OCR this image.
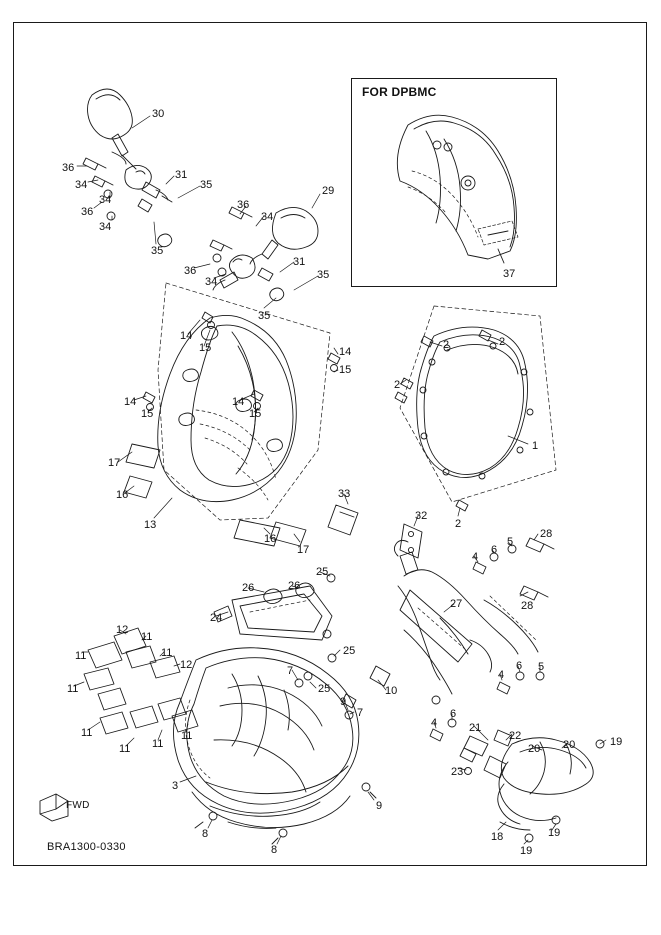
FOR DPBMC
FWD
BRA1300-0330
30
36
34
36
34
34
31
35
35
36
34
36
34
31
35
35
29
14
15	14
15
14
15
14
15
17
16
13
16
17
2	2
2
1
2
33
32
28
28
4
6
5
27
4
6 5
4
6
25
26	26
24
25
25
7
7
9
10
12
11
11	11
12
11
11
11 11
11
3
9
8
8
21
22
23
20 20	19
18
19
19
37
